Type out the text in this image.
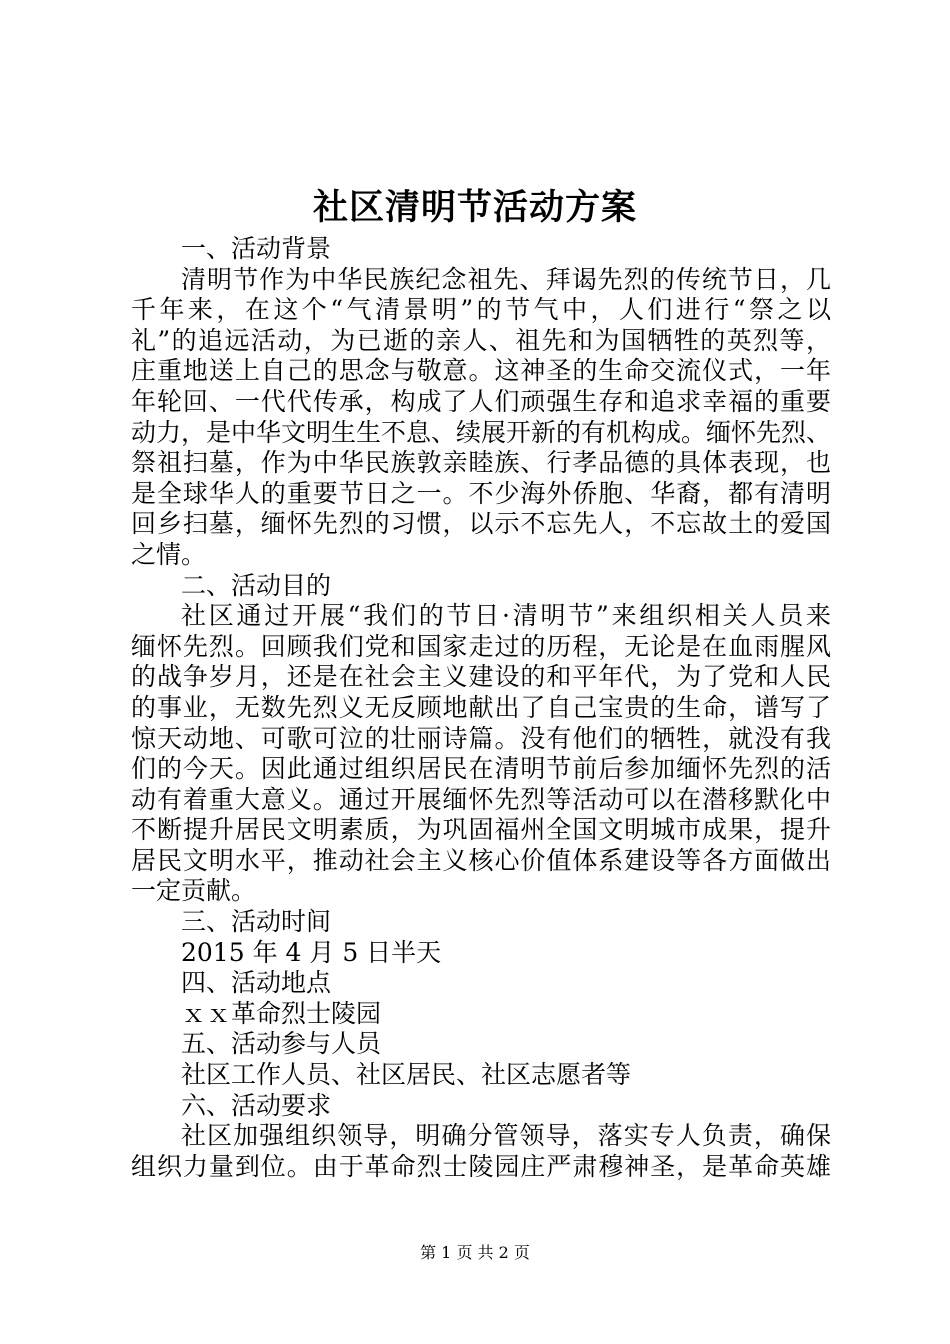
社区清明节活动方案
一、活动背景
清明节作为中华民族纪念祖先、拜谒先烈的传统节日，几
千年来，在这个“气清景明”的节气中，人们进行“祭之以
礼”的追远活动，为已逝的亲人、祖先和为国牺牲的英烈等，
庄重地送上自己的思念与敬意。这神圣的生命交流仪式，一年
年轮回、一代代传承，构成了人们顽强生存和追求幸福的重要
动力，是中华文明生生不息、续展开新的有机构成。缅怀先烈、
祭祖扫墓，作为中华民族敦亲睦族、行孝品德的具体表现，也
是全球华人的重要节日之一。不少海外侨胞、华裔，都有清明
回乡扫墓，缅怀先烈的习惯，以示不忘先人，不忘故土的爱国
之情。
二、活动目的
社区通过开展“我们的节日·清明节”来组织相关人员来
缅怀先烈。回顾我们党和国家走过的历程，无论是在血雨腥风
的战争岁月，还是在社会主义建设的和平年代，为了党和人民
的事业，无数先烈义无反顾地献出了自己宝贵的生命，谱写了
惊天动地、可歌可泣的壮丽诗篇。没有他们的牺牲，就没有我
们的今天。因此通过组织居民在清明节前后参加缅怀先烈的活
动有着重大意义。通过开展缅怀先烈等活动可以在潜移默化中
不断提升居民文明素质，为巩固福州全国文明城市成果，提升
居民文明水平，推动社会主义核心价值体系建设等各方面做出
一定贡献。
三、活动时间
2015 年 4 月 5 日半天
四、活动地点
ｘｘ革命烈士陵园
五、活动参与人员
社区工作人员、社区居民、社区志愿者等
六、活动要求
社区加强组织领导，明确分管领导，落实专人负责，确保
组织力量到位。由于革命烈士陵园庄严肃穆神圣，是革命英雄
第 1 页 共 2 页
